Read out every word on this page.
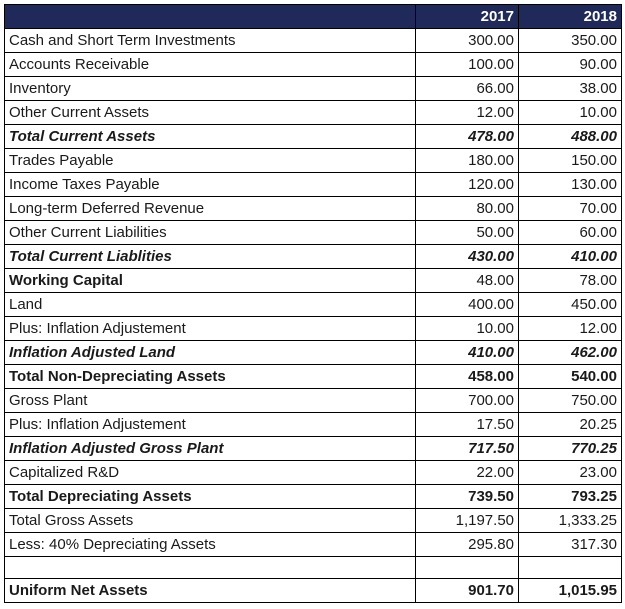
	2017	2018
Cash and Short Term Investments	300.00	350.00
Accounts Receivable	100.00	90.00
Inventory	66.00	38.00
Other Current Assets	12.00	10.00
Total Current Assets	478.00	488.00
Trades Payable	180.00	150.00
Income Taxes Payable	120.00	130.00
Long-term Deferred Revenue	80.00	70.00
Other Current Liabilities	50.00	60.00
Total Current Liablities	430.00	410.00
Working Capital	48.00	78.00
Land	400.00	450.00
Plus: Inflation Adjustement	10.00	12.00
Inflation Adjusted Land	410.00	462.00
Total Non-Depreciating Assets	458.00	540.00
Gross Plant	700.00	750.00
Plus: Inflation Adjustement	17.50	20.25
Inflation Adjusted Gross Plant	717.50	770.25
Capitalized R&D	22.00	23.00
Total Depreciating Assets	739.50	793.25
Total Gross Assets	1,197.50	1,333.25
Less: 40% Depreciating Assets	295.80	317.30

Uniform Net Assets	901.70	1,015.95
